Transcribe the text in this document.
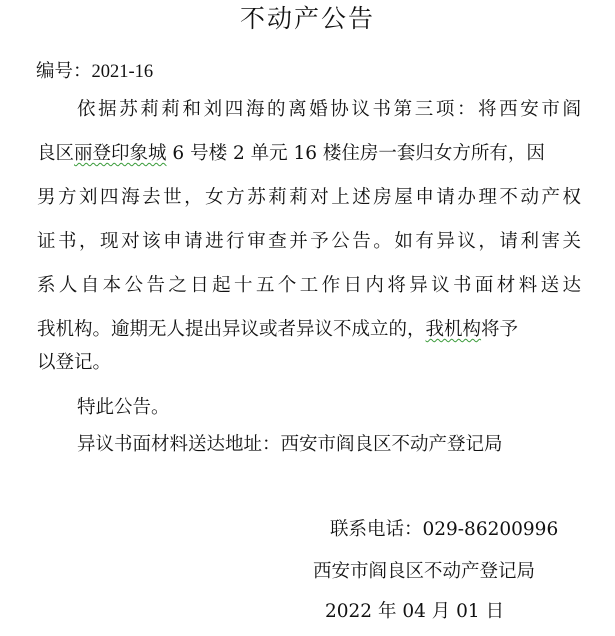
不动产公告
编号：2021-16
依据苏莉莉和刘四海的离婚协议书第三项：将西安市阎
良区丽登印象城 6 号楼 2 单元 16 楼住房一套归女方所有，因
男方刘四海去世，女方苏莉莉对上述房屋申请办理不动产权
证书，现对该申请进行审查并予公告。如有异议，请利害关
系人自本公告之日起十五个工作日内将异议书面材料送达
我机构。逾期无人提出异议或者异议不成立的，我机构将予
以登记。
特此公告。
异议书面材料送达地址：西安市阎良区不动产登记局
联系电话：029-86200996
西安市阎良区不动产登记局
2022 年 04 月 01 日
